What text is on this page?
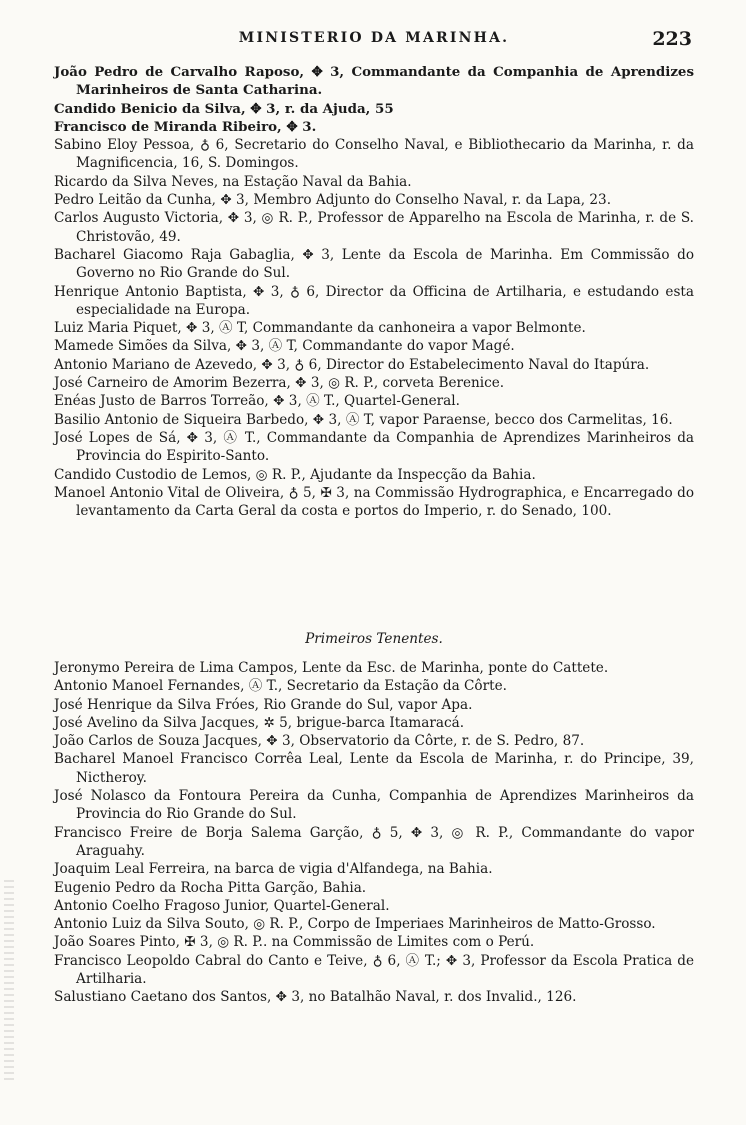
MINISTERIO DA MARINHA.	223

João Pedro de Carvalho Raposo, ✥ 3, Commandante da Companhia de Aprendizes Marinheiros de Santa Catharina.

Candido Benicio da Silva, ✥ 3, r. da Ajuda, 55

Francisco de Miranda Ribeiro, ✥ 3.

Sabino Eloy Pessoa, ♁ 6, Secretario do Conselho Naval, e Bibliothecario da Marinha, r. da Magnificencia, 16, S. Domingos.

Ricardo da Silva Neves, na Estação Naval da Bahia.

Pedro Leitão da Cunha, ✥ 3, Membro Adjunto do Conselho Naval, r. da Lapa, 23.

Carlos Augusto Victoria, ✥ 3, ◎ R. P., Professor de Apparelho na Escola de Marinha, r. de S. Christovão, 49.

Bacharel Giacomo Raja Gabaglia, ✥ 3, Lente da Escola de Marinha. Em Commissão do Governo no Rio Grande do Sul.

Henrique Antonio Baptista, ✥ 3, ♁ 6, Director da Officina de Artilharia, e estudando esta especialidade na Europa.

Luiz Maria Piquet, ✥ 3, Ⓐ T, Commandante da canhoneira a vapor Belmonte.

Mamede Simões da Silva, ✥ 3, Ⓐ T, Commandante do vapor Magé.

Antonio Mariano de Azevedo, ✥ 3, ♁ 6, Director do Estabelecimento Naval do Itapúra.

José Carneiro de Amorim Bezerra, ✥ 3, ◎ R. P., corveta Berenice.

Enéas Justo de Barros Torreão, ✥ 3, Ⓐ T., Quartel-General.

Basilio Antonio de Siqueira Barbedo, ✥ 3, Ⓐ T, vapor Paraense, becco dos Carmelitas, 16.

José Lopes de Sá, ✥ 3, Ⓐ T., Commandante da Companhia de Aprendizes Marinheiros da Provincia do Espirito-Santo.

Candido Custodio de Lemos, ◎ R. P., Ajudante da Inspecção da Bahia.

Manoel Antonio Vital de Oliveira, ♁ 5, ✠ 3, na Commissão Hydrographica, e Encarregado do levantamento da Carta Geral da costa e portos do Imperio, r. do Senado, 100.

Primeiros Tenentes.

Jeronymo Pereira de Lima Campos, Lente da Esc. de Marinha, ponte do Cattete.

Antonio Manoel Fernandes, Ⓐ T., Secretario da Estação da Côrte.

José Henrique da Silva Fróes, Rio Grande do Sul, vapor Apa.

José Avelino da Silva Jacques, ✲ 5, brigue-barca Itamaracá.

João Carlos de Souza Jacques, ✥ 3, Observatorio da Côrte, r. de S. Pedro, 87.

Bacharel Manoel Francisco Corrêa Leal, Lente da Escola de Marinha, r. do Principe, 39, Nictheroy.

José Nolasco da Fontoura Pereira da Cunha, Companhia de Aprendizes Marinheiros da Provincia do Rio Grande do Sul.

Francisco Freire de Borja Salema Garção, ♁ 5, ✥ 3, ◎ R. P., Commandante do vapor Araguahy.

Joaquim Leal Ferreira, na barca de vigia d'Alfandega, na Bahia.

Eugenio Pedro da Rocha Pitta Garção, Bahia.

Antonio Coelho Fragoso Junior, Quartel-General.

Antonio Luiz da Silva Souto, ◎ R. P., Corpo de Imperiaes Marinheiros de Matto-Grosso.

João Soares Pinto, ✠ 3, ◎ R. P.. na Commissão de Limites com o Perú.

Francisco Leopoldo Cabral do Canto e Teive, ♁ 6, Ⓐ T.; ✥ 3, Professor da Escola Pratica de Artilharia.

Salustiano Caetano dos Santos, ✥ 3, no Batalhão Naval, r. dos Invalid., 126.
